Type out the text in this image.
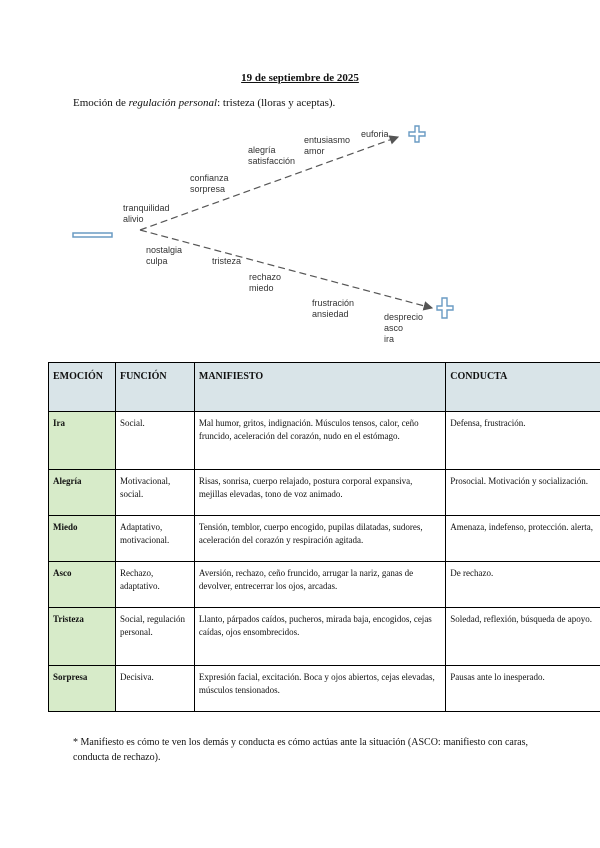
19 de septiembre de 2025
Emoción de regulación personal: tristeza (lloras y aceptas).
tranquilidad
alivio
confianza
sorpresa
alegría
satisfacción
entusiasmo
amor
euforia
nostalgia
culpa	tristeza
rechazo
miedo
frustración
ansiedad	desprecio
asco
ira
EMOCIÓN	FUNCIÓN	MANIFIESTO	CONDUCTA
Ira	Social.	Mal humor, gritos, indignación. Músculos tensos, calor, ceño fruncido, aceleración del corazón, nudo en el estómago.	Defensa, frustración.
Alegría	Motivacional, social.	Risas, sonrisa, cuerpo relajado, postura corporal expansiva, mejillas elevadas, tono de voz animado.	Prosocial. Motivación y socialización.
Miedo	Adaptativo, motivacional.	Tensión, temblor, cuerpo encogido, pupilas dilatadas, sudores, aceleración del corazón y respiración agitada.	Amenaza, indefenso, protección. alerta,
Asco	Rechazo, adaptativo.	Aversión, rechazo, ceño fruncido, arrugar la nariz, ganas de devolver, entrecerrar los ojos, arcadas.	De rechazo.
Tristeza	Social, regulación personal.	Llanto, párpados caídos, pucheros, mirada baja, encogidos, cejas caídas, ojos ensombrecidos.	Soledad, reflexión, búsqueda de apoyo.
Sorpresa	Decisiva.	Expresión facial, excitación. Boca y ojos abiertos, cejas elevadas, músculos tensionados.	Pausas ante lo inesperado.
* Manifiesto es cómo te ven los demás y conducta es cómo actúas ante la situación (ASCO: manifiesto con caras, conducta de rechazo).
